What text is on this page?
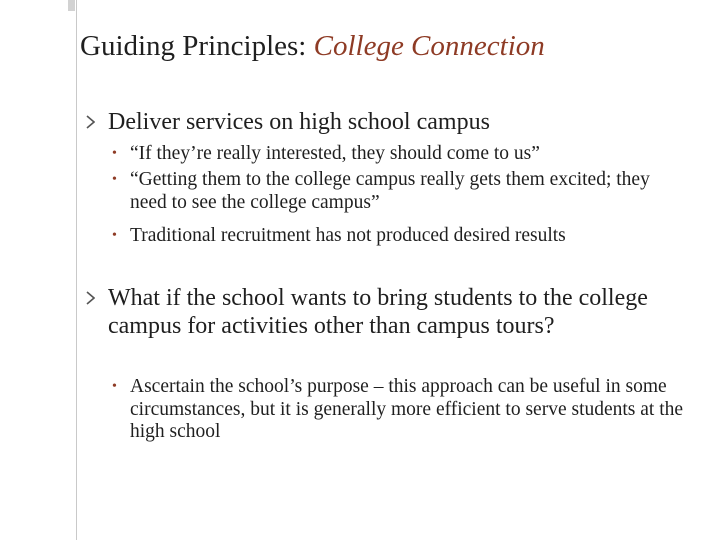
Guiding Principles: College Connection
Deliver services on high school campus
• “If they’re really interested, they should come to us”
• “Getting them to the college campus really gets them excited; they need to see the college campus”
• Traditional recruitment has not produced desired results
What if the school wants to bring students to the college campus for activities other than campus tours?
• Ascertain the school’s purpose – this approach can be useful in some circumstances, but it is generally more efficient to serve students at the high school
